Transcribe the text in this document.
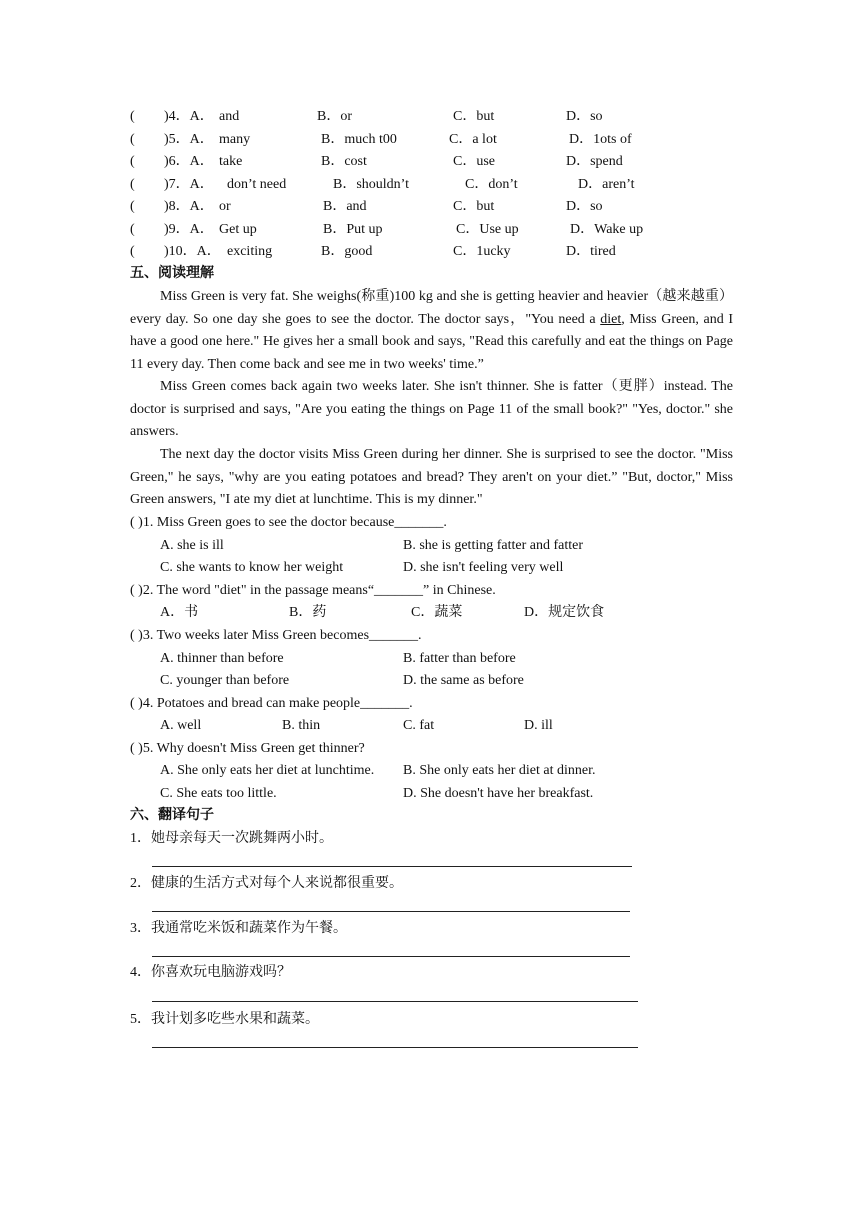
( )4．A． and	B．or	C．but	D．so
( )5．A． many	B．much t00	C．a lot	D．1ots of
( )6．A． take	B．cost	C．use	D．spend
( )7．A． don’t need	B．shouldn’t	C．don’t	D．aren’t
( )8．A． or	B．and	C．but	D．so
( )9．A． Get up	B．Put up	C．Use up	D．Wake up
( )10．A． exciting	B．good	C．1ucky	D．tired
五、阅读理解
Miss Green is very fat. She weighs(称重)100 kg and she is getting heavier and heavier（越来越重）every day. So one day she goes to see the doctor. The doctor says，"You need a diet, Miss Green, and I have a good one here." He gives her a small book and says, "Read this carefully and eat the things on Page 11 every day. Then come back and see me in two weeks' time.”
Miss Green comes back again two weeks later. She isn't thinner. She is fatter（更胖）instead. The doctor is surprised and says, "Are you eating the things on Page 11 of the small book?" "Yes, doctor." she answers.
The next day the doctor visits Miss Green during her dinner. She is surprised to see the doctor. "Miss Green," he says, "why are you eating potatoes and bread? They aren't on your diet.” "But, doctor," Miss Green answers, "I ate my diet at lunchtime. This is my dinner."
( )1. Miss Green goes to see the doctor because_______.
A. she is ill	B. she is getting fatter and fatter
C. she wants to know her weight	D. she isn't feeling very well
( )2. The word "diet" in the passage means“_______” in Chinese.
A．书	B．药	C．蔬菜	D．规定饮食
( )3. Two weeks later Miss Green becomes_______.
A. thinner than before	B. fatter than before
C. younger than before	D. the same as before
( )4. Potatoes and bread can make people_______.
A. well	B. thin	C. fat	D. ill
( )5. Why doesn't Miss Green get thinner?
A. She only eats her diet at lunchtime. B. She only eats her diet at dinner.
C. She eats too little.	D. She doesn't have her breakfast.
六、翻译句子
1．她母亲每天一次跳舞两小时。
2．健康的生活方式对每个人来说都很重要。
3．我通常吃米饭和蔬菜作为午餐。
4．你喜欢玩电脑游戏吗？
5．我计划多吃些水果和蔬菜。
